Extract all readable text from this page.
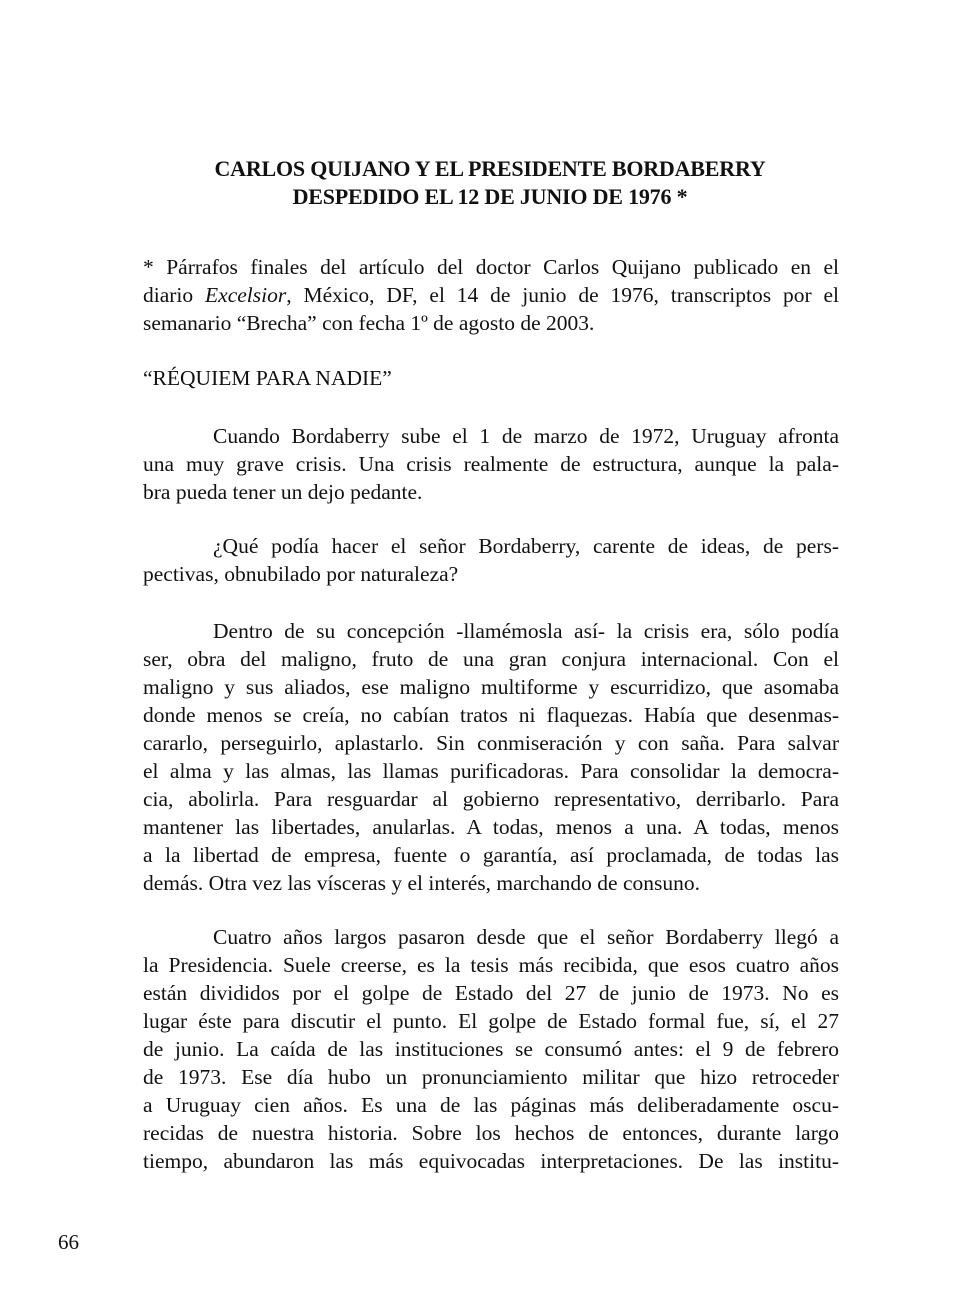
CARLOS QUIJANO Y EL PRESIDENTE BORDABERRY
DESPEDIDO EL 12 DE JUNIO DE 1976 *
* Párrafos finales del artículo del doctor Carlos Quijano publicado en el
diario Excelsior, México, DF, el 14 de junio de 1976, transcriptos por el
semanario “Brecha” con fecha 1º de agosto de 2003.
“RÉQUIEM PARA NADIE”
Cuando Bordaberry sube el 1 de marzo de 1972, Uruguay afronta
una muy grave crisis. Una crisis realmente de estructura, aunque la pala-
bra pueda tener un dejo pedante.
¿Qué podía hacer el señor Bordaberry, carente de ideas, de pers-
pectivas, obnubilado por naturaleza?
Dentro de su concepción -llamémosla así- la crisis era, sólo podía
ser, obra del maligno, fruto de una gran conjura internacional. Con el
maligno y sus aliados, ese maligno multiforme y escurridizo, que asomaba
donde menos se creía, no cabían tratos ni flaquezas. Había que desenmas-
cararlo, perseguirlo, aplastarlo. Sin conmiseración y con saña. Para salvar
el alma y las almas, las llamas purificadoras. Para consolidar la democra-
cia, abolirla. Para resguardar al gobierno representativo, derribarlo. Para
mantener las libertades, anularlas. A todas, menos a una. A todas, menos
a la libertad de empresa, fuente o garantía, así proclamada, de todas las
demás. Otra vez las vísceras y el interés, marchando de consuno.
Cuatro años largos pasaron desde que el señor Bordaberry llegó a
la Presidencia. Suele creerse, es la tesis más recibida, que esos cuatro años
están divididos por el golpe de Estado del 27 de junio de 1973. No es
lugar éste para discutir el punto. El golpe de Estado formal fue, sí, el 27
de junio. La caída de las instituciones se consumó antes: el 9 de febrero
de 1973. Ese día hubo un pronunciamiento militar que hizo retroceder
a Uruguay cien años. Es una de las páginas más deliberadamente oscu-
recidas de nuestra historia. Sobre los hechos de entonces, durante largo
tiempo, abundaron las más equivocadas interpretaciones. De las institu-
66
